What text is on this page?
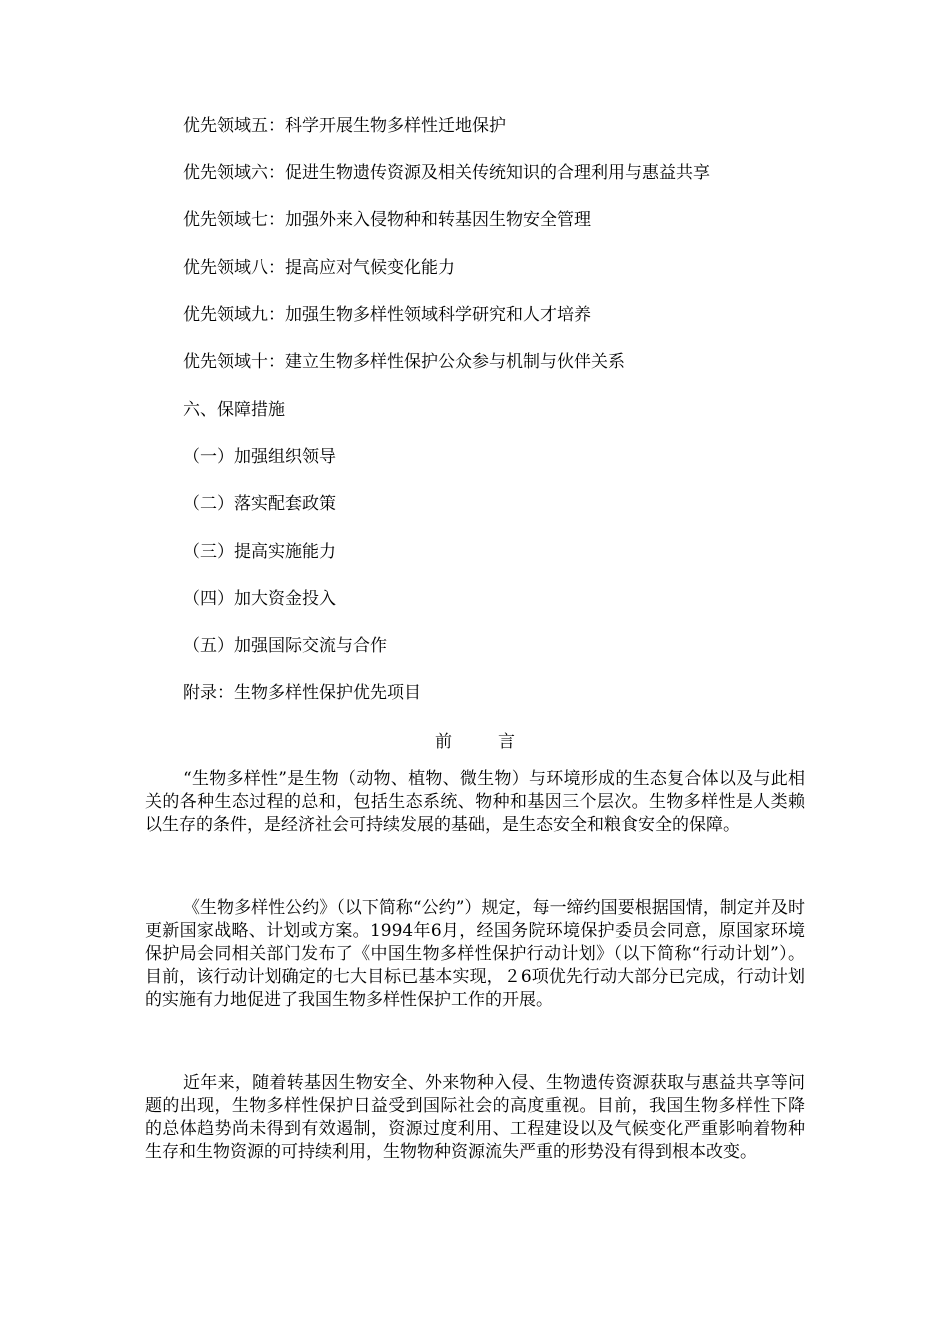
优先领域五：科学开展生物多样性迁地保护
优先领域六：促进生物遗传资源及相关传统知识的合理利用与惠益共享
优先领域七：加强外来入侵物种和转基因生物安全管理
优先领域八：提高应对气候变化能力
优先领域九：加强生物多样性领域科学研究和人才培养
优先领域十：建立生物多样性保护公众参与机制与伙伴关系
六、保障措施
（一）加强组织领导
（二）落实配套政策
（三）提高实施能力
（四）加大资金投入
（五）加强国际交流与合作
附录：生物多样性保护优先项目
前言
“生物多样性”是生物（动物、植物、微生物）与环境形成的生态复合体以及与此相关的各种生态过程的总和，包括生态系统、物种和基因三个层次。生物多样性是人类赖以生存的条件，是经济社会可持续发展的基础，是生态安全和粮食安全的保障。
《生物多样性公约》（以下简称“公约”）规定，每一缔约国要根据国情，制定并及时更新国家战略、计划或方案。1994年6月，经国务院环境保护委员会同意，原国家环境保护局会同相关部门发布了《中国生物多样性保护行动计划》（以下简称“行动计划”）。目前，该行动计划确定的七大目标已基本实现，２6项优先行动大部分已完成，行动计划的实施有力地促进了我国生物多样性保护工作的开展。
近年来，随着转基因生物安全、外来物种入侵、生物遗传资源获取与惠益共享等问题的出现，生物多样性保护日益受到国际社会的高度重视。目前，我国生物多样性下降的总体趋势尚未得到有效遏制，资源过度利用、工程建设以及气候变化严重影响着物种生存和生物资源的可持续利用，生物物种资源流失严重的形势没有得到根本改变。
